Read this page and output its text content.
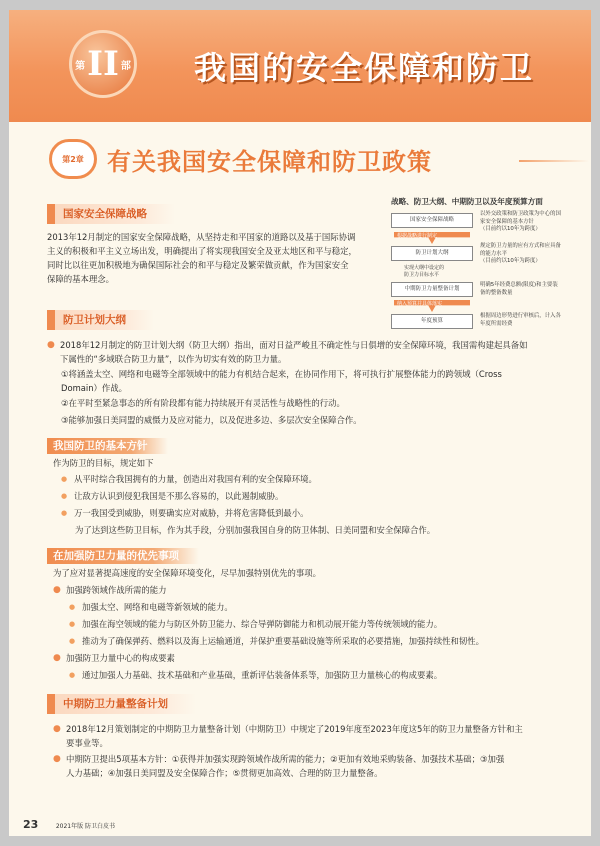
第 II 部 我国的安全保障和防卫
第2章 有关我国安全保障和防卫政策
国家安全保障战略
2013年12月制定的国家安全保障战略，从坚持走和平国家的道路以及基于国际协调
主义的积极和平主义立场出发，明确提出了将实现我国安全及亚太地区和平与稳定，
同时比以往更加积极地为确保国际社会的和平与稳定及繁荣做贡献，作为国家安全
保障的基本理念。
战略、防卫大纲、中期防卫以及年度预算方面
国家安全保障战略
以外交政策和防卫政策为中心的国
家安全保障的基本方针
（目前约以10年为跨度）
根据战略进行制定
防卫计划大纲
规定防卫力量的应有方式和应具备
的能力水平
（目前约以10年为跨度）
实现大纲中设定的
防卫力目标水平
中期防卫力量整备计划
明确5年经费总额(限度)和主要装
备的整备数量
纳入预算并具体落实
年度预算
根据周边形势进行审核后，计入各
年度所需经费
防卫计划大纲
● 2018年12月制定的防卫计划大纲（防卫大纲）指出，面对日益严峻且不确定性与日俱增的安全保障环境，我国需构建起具备如
下属性的“多域联合防卫力量”，以作为切实有效的防卫力量。
①将涵盖太空、网络和电磁等全部领域中的能力有机结合起来，在协同作用下，将可执行扩展整体能力的跨领域（Cross
Domain）作战。
②在平时至紧急事态的所有阶段都有能力持续展开有灵活性与战略性的行动。
③能够加强日美同盟的威慑力及应对能力，以及促进多边、多层次安全保障合作。
我国防卫的基本方针
作为防卫的目标，规定如下
● 从平时综合我国拥有的力量，创造出对我国有利的安全保障环境。
● 让敌方认识到侵犯我国是不那么容易的，以此遏制威胁。
● 万一我国受到威胁，则要确实应对威胁，并将危害降低到最小。
为了达到这些防卫目标，作为其手段，分别加强我国自身的防卫体制、日美同盟和安全保障合作。
在加强防卫力量的优先事项
为了应对显著提高速度的安全保障环境变化，尽早加强特别优先的事项。
● 加强跨领域作战所需的能力
● 加强太空、网络和电磁等新领域的能力。
● 加强在海空领域的能力与防区外防卫能力、综合导弹防御能力和机动展开能力等传统领域的能力。
● 推动为了确保弹药、燃料以及海上运输通道，并保护重要基础设施等所采取的必要措施，加强持续性和韧性。
● 加强防卫力量中心的构成要素
● 通过加强人力基础、技术基础和产业基础，重新评估装备体系等，加强防卫力量核心的构成要素。
中期防卫力量整备计划
● 2018年12月策划制定的中期防卫力量整备计划（中期防卫）中规定了2019年度至2023年度这5年的防卫力量整备方针和主
要事业等。
● 中期防卫提出5项基本方针：①获得并加强实现跨领域作战所需的能力；②更加有效地采购装备、加强技术基础；③加强
人力基础；④加强日美同盟及安全保障合作；⑤贯彻更加高效、合理的防卫力量整备。
23	2021年版 防卫白皮书
